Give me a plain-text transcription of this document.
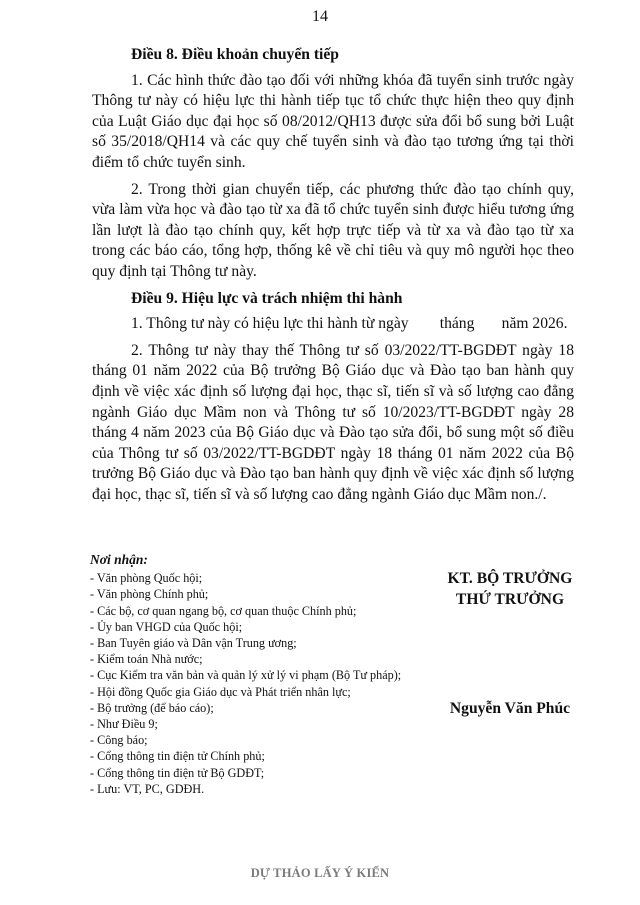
14

Điều 8. Điều khoản chuyển tiếp

1. Các hình thức đào tạo đối với những khóa đã tuyển sinh trước ngày Thông tư này có hiệu lực thi hành tiếp tục tổ chức thực hiện theo quy định của Luật Giáo dục đại học số 08/2012/QH13 được sửa đổi bổ sung bởi Luật số 35/2018/QH14 và các quy chế tuyển sinh và đào tạo tương ứng tại thời điểm tổ chức tuyển sinh.

2. Trong thời gian chuyển tiếp, các phương thức đào tạo chính quy, vừa làm vừa học và đào tạo từ xa đã tổ chức tuyển sinh được hiểu tương ứng lần lượt là đào tạo chính quy, kết hợp trực tiếp và từ xa và đào tạo từ xa trong các báo cáo, tổng hợp, thống kê về chỉ tiêu và quy mô người học theo quy định tại Thông tư này.

Điều 9. Hiệu lực và trách nhiệm thi hành

1. Thông tư này có hiệu lực thi hành từ ngày        tháng       năm 2026.

2. Thông tư này thay thế Thông tư số 03/2022/TT-BGDĐT ngày 18 tháng 01 năm 2022 của Bộ trưởng Bộ Giáo dục và Đào tạo ban hành quy định về việc xác định số lượng đại học, thạc sĩ, tiến sĩ và số lượng cao đẳng ngành Giáo dục Mầm non và Thông tư số 10/2023/TT-BGDĐT ngày 28 tháng 4 năm 2023 của Bộ Giáo dục và Đào tạo sửa đổi, bổ sung một số điều của Thông tư số 03/2022/TT-BGDĐT ngày 18 tháng 01 năm 2022 của Bộ trưởng Bộ Giáo dục và Đào tạo ban hành quy định về việc xác định số lượng đại học, thạc sĩ, tiến sĩ và số lượng cao đẳng ngành Giáo dục Mầm non./.

Nơi nhận:
- Văn phòng Quốc hội;
- Văn phòng Chính phủ;
- Các bộ, cơ quan ngang bộ, cơ quan thuộc Chính phủ;
- Ủy ban VHGD của Quốc hội;
- Ban Tuyên giáo và Dân vận Trung ương;
- Kiểm toán Nhà nước;
- Cục Kiểm tra văn bản và quản lý xử lý vi phạm (Bộ Tư pháp);
- Hội đồng Quốc gia Giáo dục và Phát triển nhân lực;
- Bộ trưởng (để báo cáo);
- Như Điều 9;
- Công báo;
- Cổng thông tin điện tử Chính phủ;
- Cổng thông tin điện tử Bộ GDĐT;
- Lưu: VT, PC, GDĐH.
KT. BỘ TRƯỞNG
THỨ TRƯỞNG
Nguyễn Văn Phúc
DỰ THẢO LẤY Ý KIẾN
